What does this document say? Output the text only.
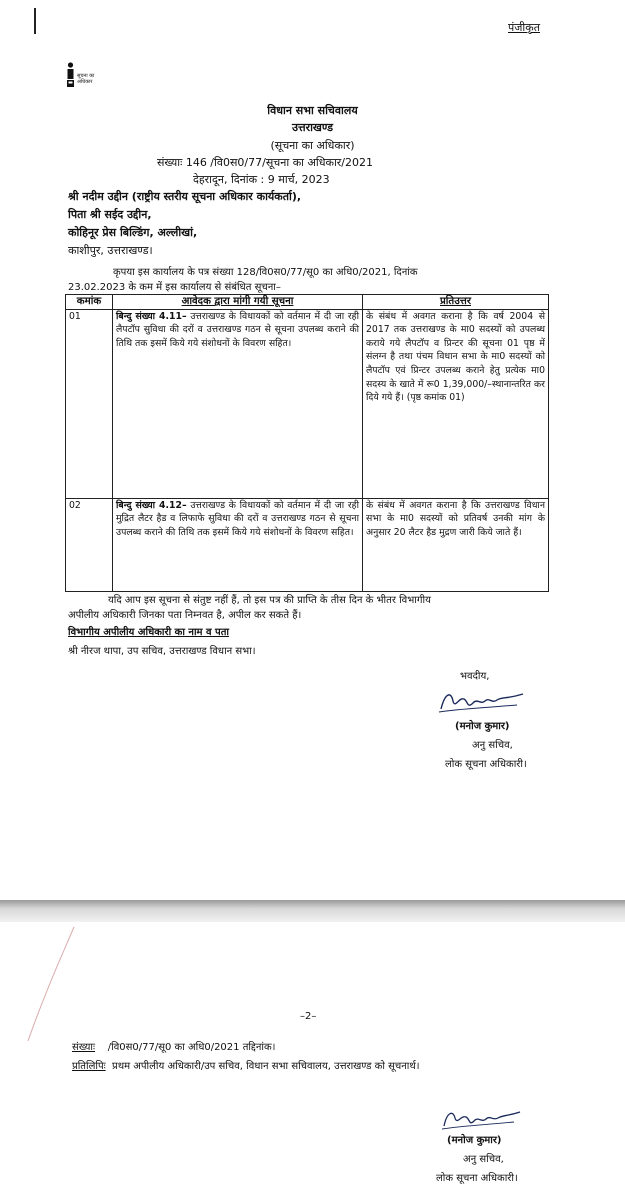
पंजीकृत
सूचना का
अधिकार
विधान सभा सचिवालय
उत्तराखण्ड
(सूचना का अधिकार)
संख्याः 146 /वि0स0/77/सूचना का अधिकार/2021
देहरादून, दिनांक : 9 मार्च, 2023
श्री नदीम उद्दीन (राष्ट्रीय स्तरीय सूचना अधिकार कार्यकर्ता),
पिता श्री सईद उद्दीन,
कोहिनूर प्रेस बिल्डिंग, अल्लीखां,
काशीपुर, उत्तराखण्ड।
कृपया इस कार्यालय के पत्र संख्या 128/वि0स0/77/सू0 का अधि0/2021, दिनांक
23.02.2023 के कम में इस कार्यालय से संबंधित सूचना–
कमांक	आवेदक द्वारा मांगी गयी सूचना	प्रतिउत्तर
01	बिन्दु संख्या 4.11– उत्तराखण्ड के विधायकों को वर्तमान में दी जा रही लैपटॉप सुविधा की दरों व उत्तराखण्ड गठन से सूचना उपलब्ध कराने की तिथि तक इसमें किये गये संशोधनों के विवरण सहित।	के संबंध में अवगत कराना है कि वर्ष 2004 से 2017 तक उत्तराखण्ड के मा0 सदस्यों को उपलब्ध कराये गये लैपटॉप व प्रिन्टर की सूचना 01 पृष्ठ में संलग्न है तथा पंचम विधान सभा के मा0 सदस्यों को लैपटॉप एवं प्रिन्टर उपलब्ध कराने हेतु प्रत्येक मा0 सदस्य के खाते में रू0 1,39,000/–स्थानान्तरित कर दिये गये हैं। (पृष्ठ कमांक 01)
02	बिन्दु संख्या 4.12– उत्तराखण्ड के विधायकों को वर्तमान में दी जा रही मुद्रित लैटर हैड व लिफाफे सुविधा की दरों व उत्तराखण्ड गठन से सूचना उपलब्ध कराने की तिथि तक इसमें किये गये संशोधनों के विवरण सहित।	के संबंध में अवगत कराना है कि उत्तराखण्ड विधान सभा के मा0 सदस्यों को प्रतिवर्ष उनकी मांग के अनुसार 20 लैटर हैड मुद्रण जारी किये जाते हैं।
यदि आप इस सूचना से संतुष्ट नहीं हैं, तो इस पत्र की प्राप्ति के तीस दिन के भीतर विभागीय
अपीलीय अधिकारी जिनका पता निम्नवत है, अपील कर सकते हैं।
विभागीय अपीलीय अधिकारी का नाम व पता
श्री नीरज थापा, उप सचिव, उत्तराखण्ड विधान सभा।
भवदीय,
(मनोज कुमार)
अनु सचिव,
लोक सूचना अधिकारी।
–2–
संख्याः    /वि0स0/77/सू0 का अधि0/2021 तद्दिनांक।
प्रतिलिपिः  प्रथम अपीलीय अधिकारी/उप सचिव, विधान सभा सचिवालय, उत्तराखण्ड को सूचनार्थ।
(मनोज कुमार)
अनु सचिव,
लोक सूचना अधिकारी।
